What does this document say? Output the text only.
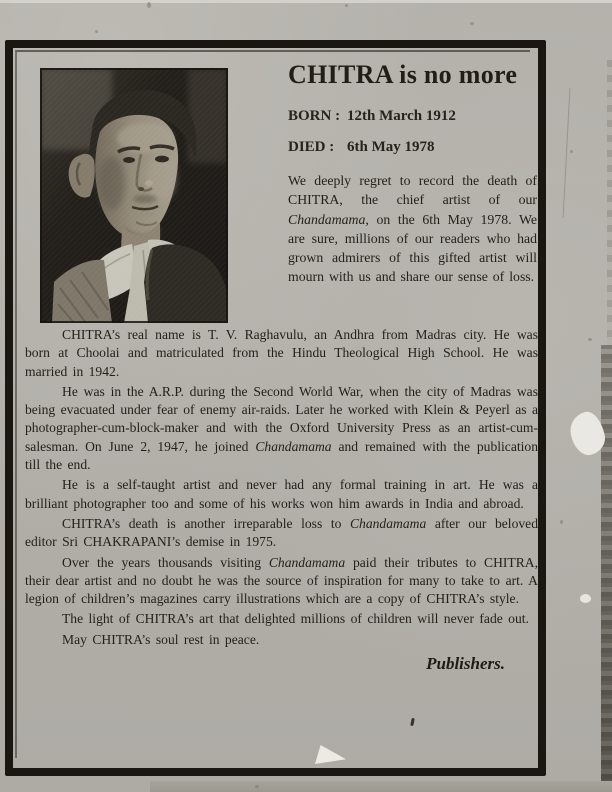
CHITRA is no more
BORN : 12th March 1912
DIED : 6th May 1978

We deeply regret to record the death of CHITRA, the chief artist of our Chandamama, on the 6th May 1978. We are sure, millions of our readers who had grown admirers of this gifted artist will mourn with us and share our sense of loss.

CHITRA’s real name is T. V. Raghavulu, an Andhra from Madras city. He was born at Choolai and matriculated from the Hindu Theological High School. He was married in 1942.

He was in the A.R.P. during the Second World War, when the city of Madras was being evacuated under fear of enemy air-raids. Later he worked with Klein & Peyerl as a photographer-cum-block-maker and with the Oxford University Press as an artist-cum-salesman. On June 2, 1947, he joined Chandamama and remained with the publication till the end.

He is a self-taught artist and never had any formal training in art. He was a brilliant photographer too and some of his works won him awards in India and abroad.

CHITRA’s death is another irreparable loss to Chandamama after our beloved editor Sri CHAKRAPANI’s demise in 1975.

Over the years thousands visiting Chandamama paid their tributes to CHITRA, their dear artist and no doubt he was the source of inspiration for many to take to art. A legion of children’s magazines carry illustrations which are a copy of CHITRA’s style.

The light of CHITRA’s art that delighted millions of children will never fade out.

May CHITRA’s soul rest in peace.

Publishers.
